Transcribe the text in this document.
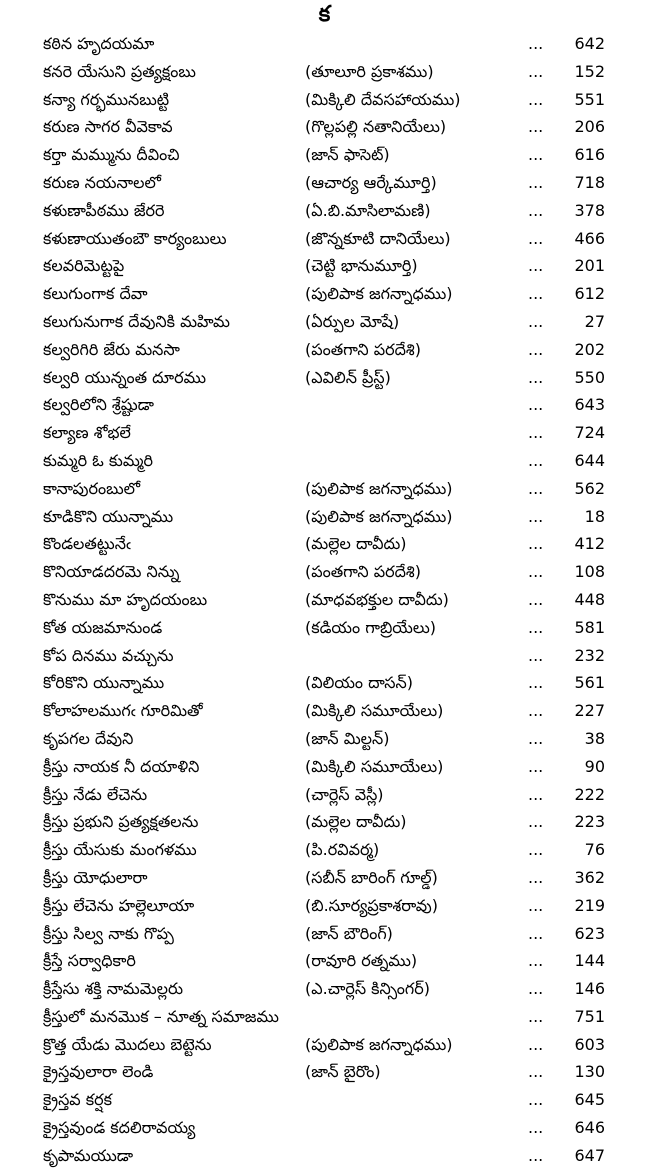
క
కఠిన హృదయమా	... 642
కనరె యేసుని ప్రత్యక్షంబు	(తూలూరి ప్రకాశము)	... 152
కన్యా గర్భమునబుట్టి	(మిక్కిలి దేవసహాయము)	... 551
కరుణ సాగర వీవెకావ	(గొల్లపల్లి నతానియేలు)	... 206
కర్తా మమ్మును దీవించి	(జాన్ ఫాసెట్)	... 616
కరుణ నయనాలలో	(ఆచార్య ఆర్కేమూర్తి)	... 718
కళుణాపీఠము జేరరె	(ఏ.బి.మాసిలామణి)	... 378
కళుణాయుతంబౌ కార్యంబులు	(జొన్నకూటి దానియేలు)	... 466
కలవరిమెట్టపై	(చెట్టి భానుమూర్తి)	... 201
కలుగుంగాక దేవా	(పులిపాక జగన్నాధము)	... 612
కలుగునుగాక దేవునికి మహిమ	(ఏర్పుల మోషే)	...	27
కల్వరిగిరి జేరు మనసా	(పంతగాని పరదేశి)	... 202
కల్వరి యున్నంత దూరము	(ఎవిలిన్ ప్రీస్ట్)	... 550
కల్వరిలోని శ్రేష్టుడా	... 643
కల్యాణ శోభలే	... 724
కుమ్మరి ఓ కుమ్మరి	... 644
కానాపురంబులో	(పులిపాక జగన్నాధము)	... 562
కూడికొని యున్నాము	(పులిపాక జగన్నాధము)	...	18
కొండలతట్టునేఁ	(మల్లెల దావీదు)	... 412
కొనియాడదరమె నిన్ను	(పంతగాని పరదేశి)	... 108
కొనుము మా హృదయంబు	(మాధవభక్తుల దావీదు)	... 448
కోత యజమానుండ	(కడియం గాబ్రియేలు)	... 581
కోప దినము వచ్చును	... 232
కోరికొని యున్నాము	(విలియం దాసన్)	... 561
కోలాహలముగఁ గూరిమితో	(మిక్కిలి సమూయేలు)	... 227
కృపగల దేవుని	(జాన్ మిల్టన్)	...	38
క్రీస్తు నాయక నీ దయాళిని	(మిక్కిలి సమూయేలు)	...	90
క్రీస్తు నేడు లేచెను	(చార్లెస్ వెస్లీ)	... 222
క్రీస్తు ప్రభుని ప్రత్యక్షతలను	(మల్లెల దావీదు)	... 223
క్రీస్తు యేసుకు మంగళము	(పి.రవివర్మ)	...	76
క్రీస్తు యోధులారా	(సబీన్ బారింగ్ గూల్డ్)	... 362
క్రీస్తు లేచెను హల్లెలూయా	(బి.సూర్యప్రకాశరావు)	... 219
క్రీస్తు సిల్వ నాకు గొప్ప	(జాన్ బౌరింగ్)	... 623
క్రీస్తే సర్వాధికారి	(రావూరి రత్నము)	... 144
క్రీస్తేసు శక్తి నామమెల్లరు	(ఎ.చార్లెస్ కిన్సింగర్)	... 146
క్రీస్తులో మనమొక – నూత్న సమాజము	... 751
క్రొత్త యేడు మొదలు బెట్టెను	(పులిపాక జగన్నాధము)	... 603
క్రైస్తవులారా లెండి	(జాన్ బైరొం)	... 130
క్రైస్తవ కర్షక	... 645
క్రైస్తవుండ కదలిరావయ్య	... 646
కృపామయుడా	... 647
